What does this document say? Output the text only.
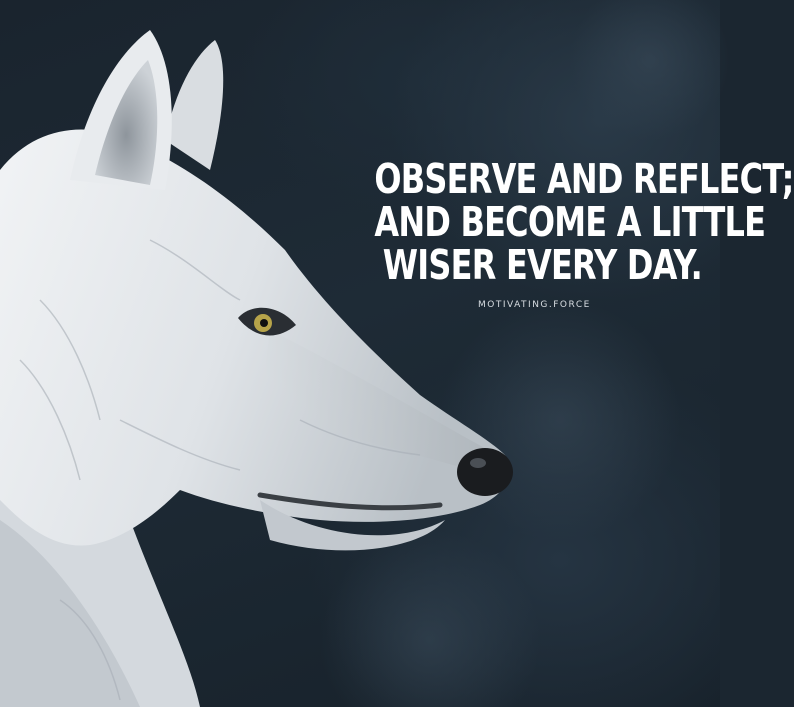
OBSERVE AND REFLECT;
AND BECOME A LITTLE
WISER EVERY DAY.
MOTIVATING.FORCE
